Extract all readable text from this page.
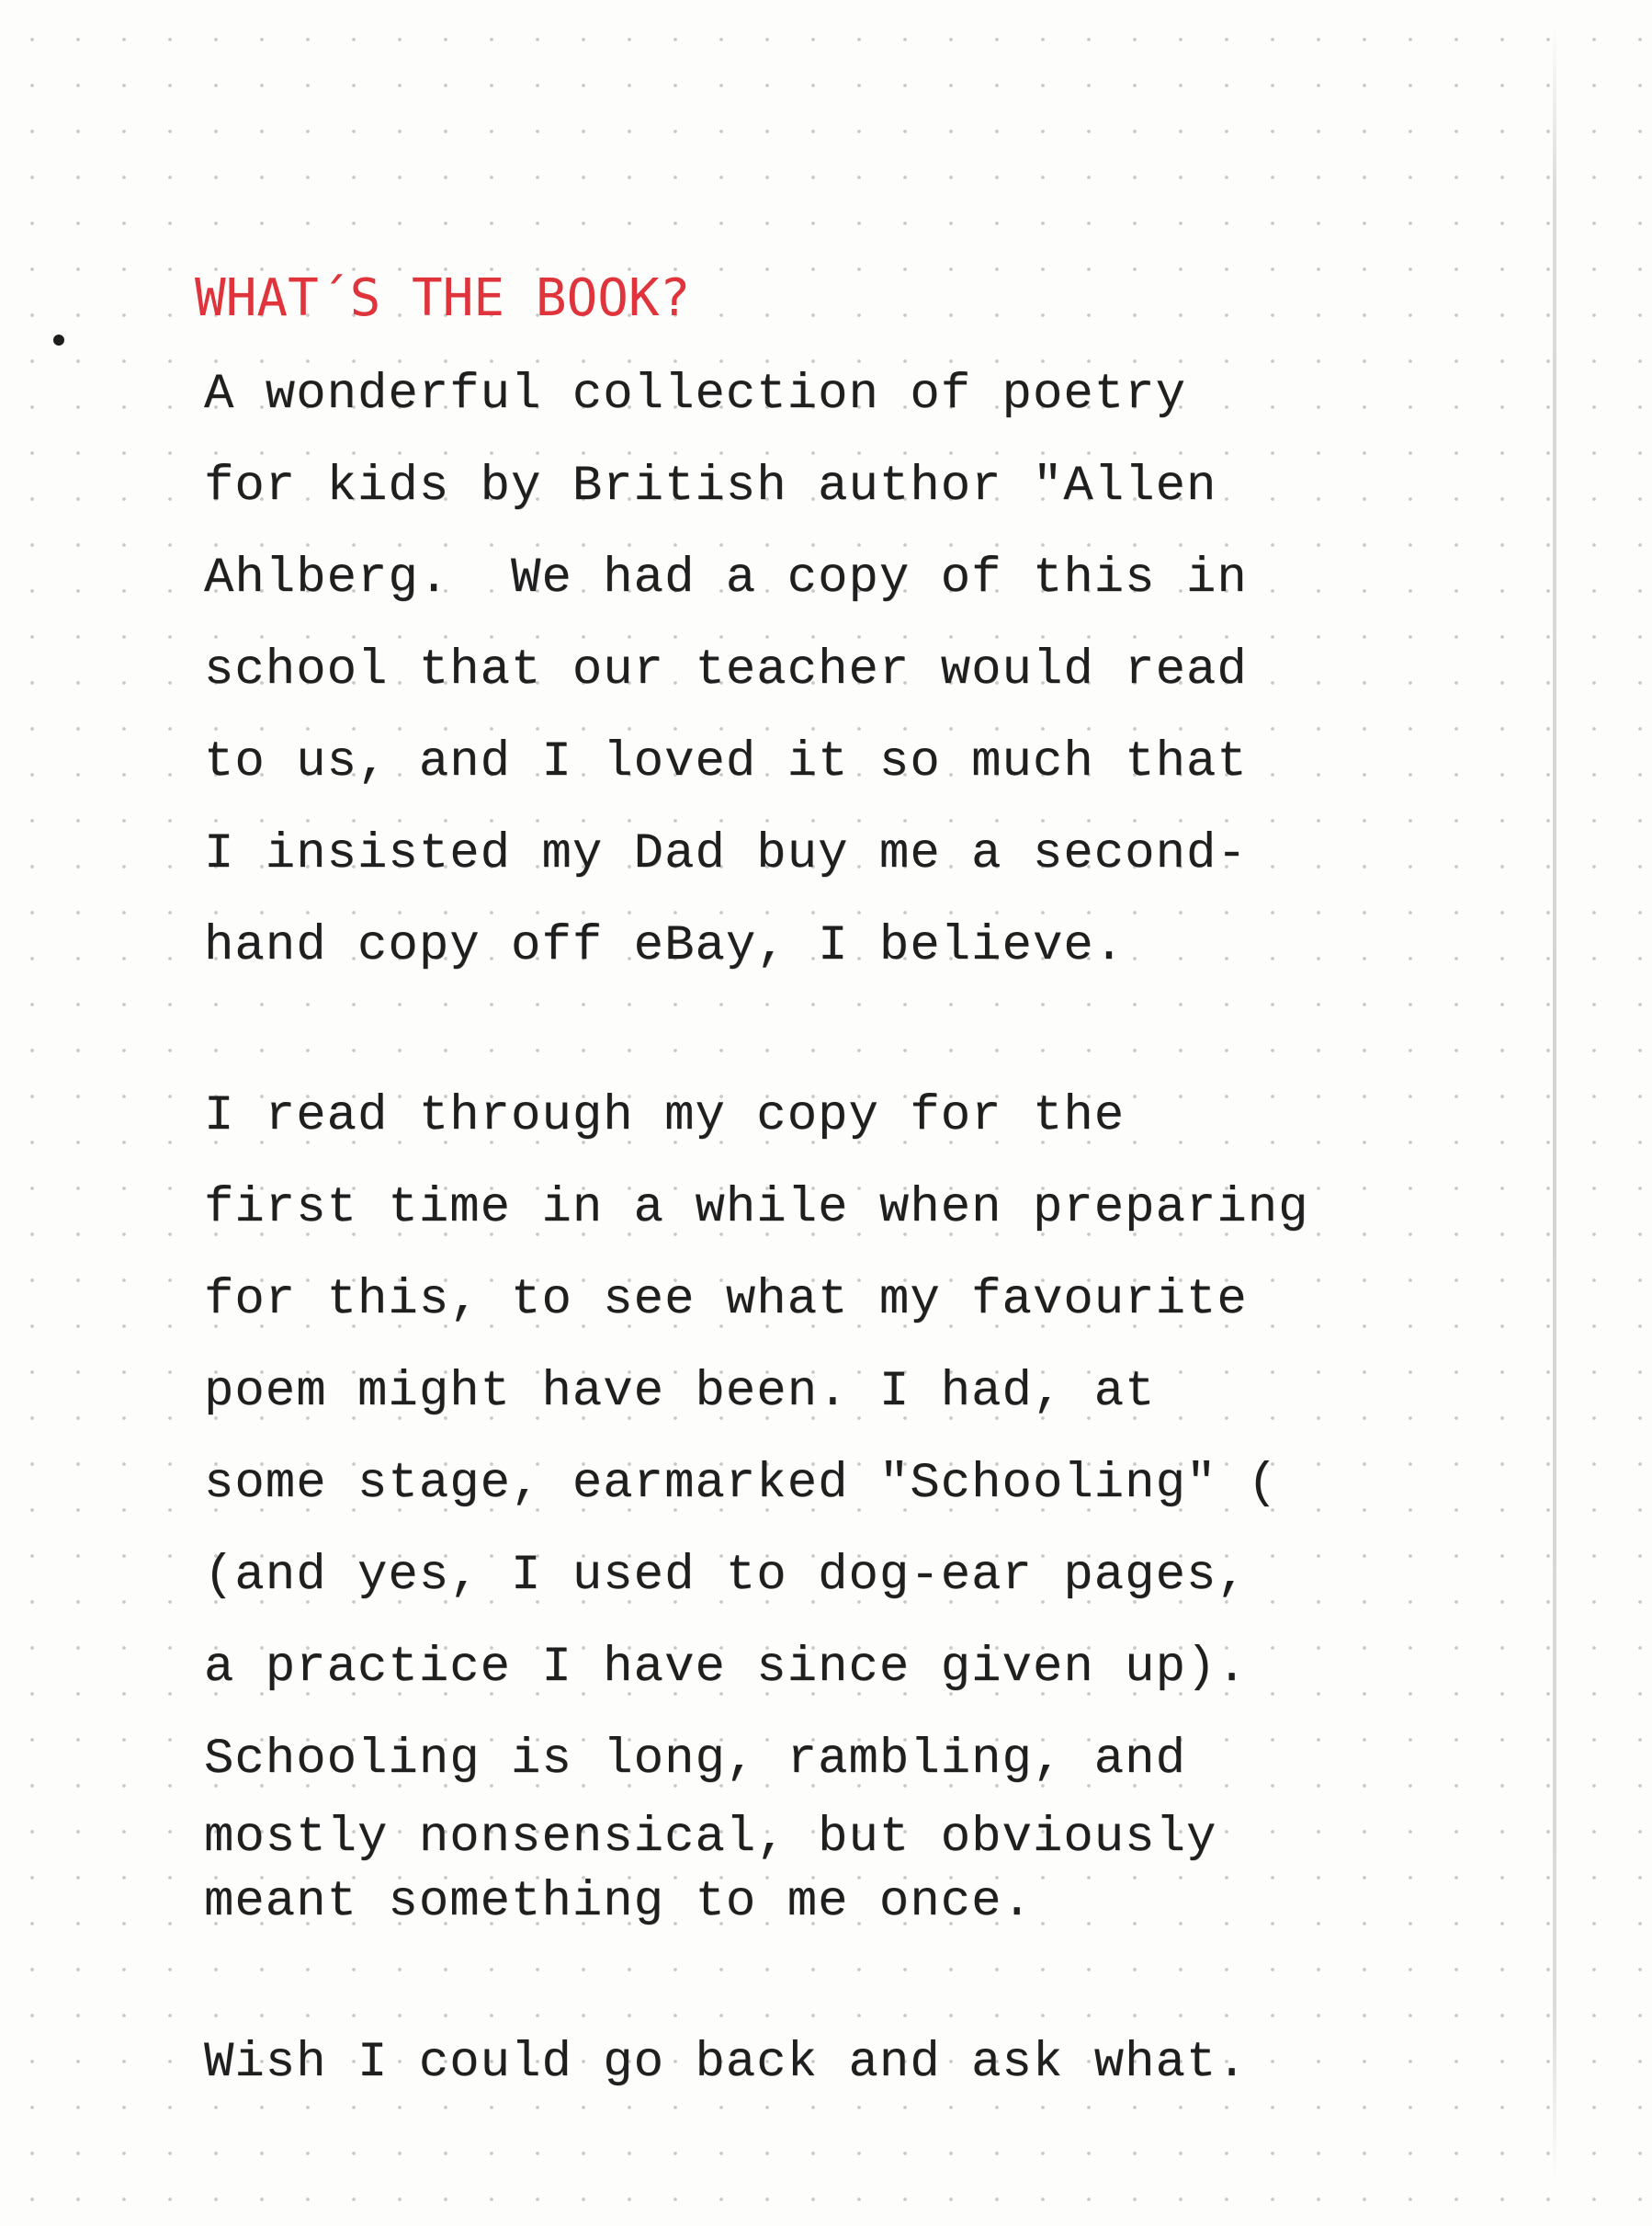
WHAT´S THE BOOK?
A wonderful collection of poetry
for kids by British author "Allen
Ahlberg.  We had a copy of this in
school that our teacher would read
to us, and I loved it so much that
I insisted my Dad buy me a second-
hand copy off eBay, I believe.
I read through my copy for the
first time in a while when preparing
for this, to see what my favourite
poem might have been. I had, at
some stage, earmarked "Schooling" (
(and yes, I used to dog-ear pages,
a practice I have since given up).
Schooling is long, rambling, and
mostly nonsensical, but obviously
meant something to me once.
Wish I could go back and ask what.
